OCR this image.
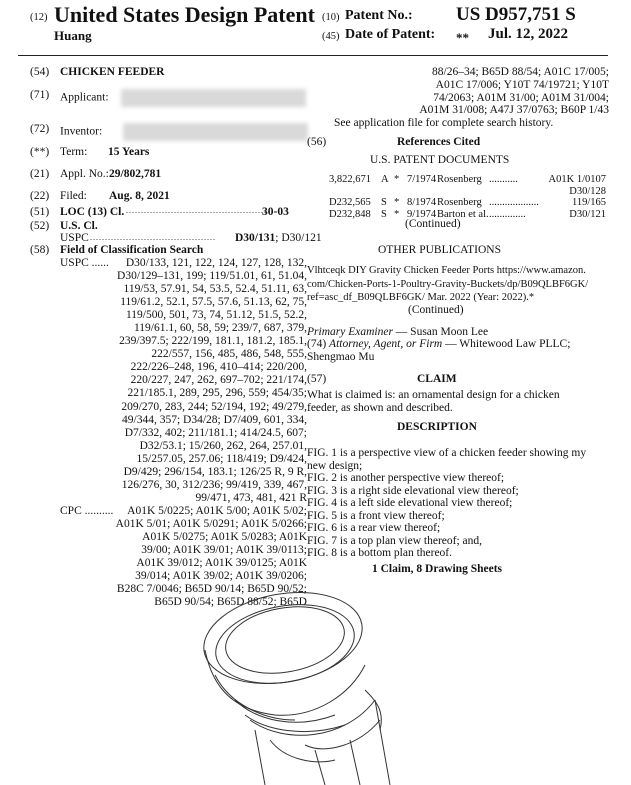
(12) United States Design Patent
Huang
(10) Patent No.: US D957,751 S
(45) Date of Patent: ** Jul. 12, 2022
(54) CHICKEN FEEDER
(71) Applicant:
(72) Inventor:
(**) Term: 15 Years
(21) Appl. No.: 29/802,781
(22) Filed: Aug. 8, 2021
(51) LOC (13) Cl. ...............................................
30-03
(52) U.S. Cl.
USPC .......................................... D30/131; D30/121
(58) Field of Classification Search
USPC ......	D30/133, 121, 122, 124, 127, 128, 132,
D30/129–131, 199; 119/51.01, 61, 51.04,
119/53, 57.91, 54, 53.5, 52.4, 51.11, 63,
119/61.2, 52.1, 57.5, 57.6, 51.13, 62, 75,
119/500, 501, 73, 74, 51.12, 51.5, 52.2,
119/61.1, 60, 58, 59; 239/7, 687, 379,
239/397.5; 222/199, 181.1, 181.2, 185.1,
222/557, 156, 485, 486, 548, 555,
222/226–248, 196, 410–414; 220/200,
220/227, 247, 262, 697–702; 221/174,
221/185.1, 289, 295, 296, 559; 454/35;
209/270, 283, 244; 52/194, 192; 49/279,
49/344, 357; D34/28; D7/409, 601, 334,
D7/332, 402; 211/181.1; 414/24.5, 607;
D32/53.1; 15/260, 262, 264, 257.01,
15/257.05, 257.06; 118/419; D9/424,
D9/429; 296/154, 183.1; 126/25 R, 9 R,
126/276, 30, 312/236; 99/419, 339, 467,
99/471, 473, 481, 421 R
CPC ..........	A01K 5/0225; A01K 5/00; A01K 5/02;
A01K 5/01; A01K 5/0291; A01K 5/0266;
A01K 5/0275; A01K 5/0283; A01K
39/00; A01K 39/01; A01K 39/0113;
A01K 39/012; A01K 39/0125; A01K
39/014; A01K 39/02; A01K 39/0206;
B28C 7/0046; B65D 90/14; B65D 90/52;
B65D 90/54; B65D 88/52; B65D
88/26–34; B65D 88/54; A01C 17/005;
A01C 17/006; Y10T 74/19721; Y10T
74/2063; A01M 31/00; A01M 31/004;
A01M 31/008; A47J 37/0763; B60P 1/43
See application file for complete search history.
(56)	References Cited
U.S. PATENT DOCUMENTS
3,822,671 A * 7/1974 Rosenberg ...........	A01K 1/0107
D30/128
D232,565 S * 8/1974 Rosenberg ...................	119/165
D232,848 S * 9/1974 Barton et al. ..............	D30/121
(Continued)
OTHER PUBLICATIONS
Vlhtceqk DIY Gravity Chicken Feeder Ports https://www.amazon.
com/Chicken-Ports-1-Poultry-Gravity-Buckets/dp/B09QLBF6GK/
ref=asc_df_B09QLBF6GK/ Mar. 2022 (Year: 2022).*
(Continued)
Primary Examiner — Susan Moon Lee
(74) Attorney, Agent, or Firm — Whitewood Law PLLC;
Shengmao Mu
(57)	CLAIM
What is claimed is: an ornamental design for a chicken
feeder, as shown and described.
DESCRIPTION
FIG. 1 is a perspective view of a chicken feeder showing my
new design;
FIG. 2 is another perspective view thereof;
FIG. 3 is a right side elevational view thereof;
FIG. 4 is a left side elevational view thereof;
FIG. 5 is a front view thereof;
FIG. 6 is a rear view thereof;
FIG. 7 is a top plan view thereof; and,
FIG. 8 is a bottom plan thereof.
1 Claim, 8 Drawing Sheets
